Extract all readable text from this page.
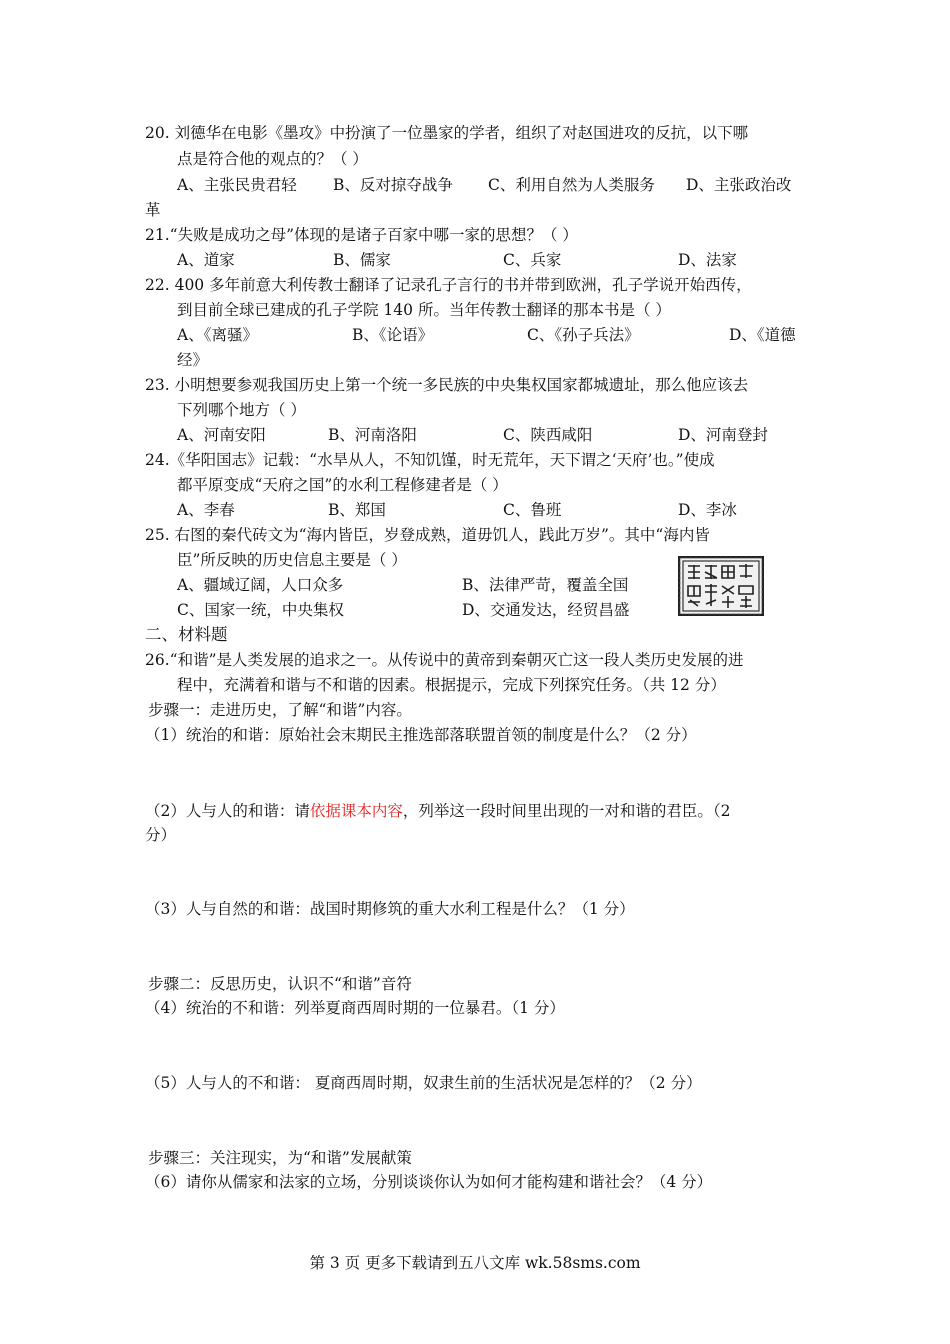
20. 刘德华在电影《墨攻》中扮演了一位墨家的学者，组织了对赵国进攻的反抗，以下哪
点是符合他的观点的？（ ）
A、主张民贵君轻 B、反对掠夺战争 C、利用自然为人类服务 D、主张政治改
革
21.“失败是成功之母”体现的是诸子百家中哪一家的思想？（ ）
A、道家	B、儒家	C、兵家	D、法家
22. 400 多年前意大利传教士翻译了记录孔子言行的书并带到欧洲，孔子学说开始西传，
到目前全球已建成的孔子学院 140 所。当年传教士翻译的那本书是（ ）
A、《离骚》	B、《论语》	C、《孙子兵法》	D、《道德
经》
23. 小明想要参观我国历史上第一个统一多民族的中央集权国家都城遗址，那么他应该去
下列哪个地方（ ）
A、河南安阳	B、河南洛阳	C、陕西咸阳	D、河南登封
24.《华阳国志》记载：“水旱从人，不知饥馑，时无荒年，天下谓之‘天府’也。”使成
都平原变成“天府之国”的水利工程修建者是（ ）
A、李春	B、郑国	C、鲁班	D、李冰
25. 右图的秦代砖文为“海内皆臣，岁登成熟，道毋饥人，践此万岁”。其中“海内皆
臣”所反映的历史信息主要是（ ）
A、疆域辽阔，人口众多	B、法律严苛，覆盖全国
C、国家一统，中央集权	D、交通发达，经贸昌盛
二、材料题
26.“和谐”是人类发展的追求之一。从传说中的黄帝到秦朝灭亡这一段人类历史发展的进
程中，充满着和谐与不和谐的因素。根据提示，完成下列探究任务。（共 12 分）
步骤一：走进历史，了解“和谐”内容。
（1）统治的和谐：原始社会末期民主推选部落联盟首领的制度是什么？（2 分）
（2）人与人的和谐：请依据课本内容，列举这一段时间里出现的一对和谐的君臣。（2
分）
（3）人与自然的和谐：战国时期修筑的重大水利工程是什么？（1 分）
步骤二：反思历史，认识不“和谐”音符
（4）统治的不和谐：列举夏商西周时期的一位暴君。（1 分）
（5）人与人的不和谐： 夏商西周时期，奴隶生前的生活状况是怎样的？（2 分）
步骤三：关注现实，为“和谐”发展献策
（6）请你从儒家和法家的立场，分别谈谈你认为如何才能构建和谐社会？（4 分）
第 3 页 更多下载请到五八文库 wk.58sms.com
